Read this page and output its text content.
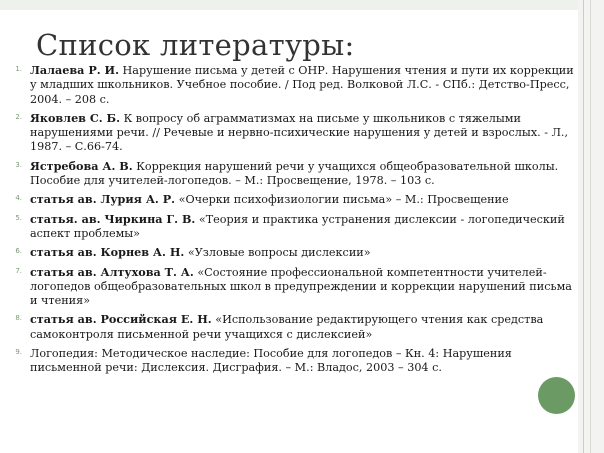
Список литературы:
1. Лалаева Р. И. Нарушение письма у детей с ОНР. Нарушения чтения и пути их коррекции у младших школьников. Учебное пособие. / Под ред. Волковой Л.С. - СПб.: Детство-Пресс, 2004. – 208 с.
2. Яковлев С. Б. К вопросу об аграмматизмах на письме у школьников с тяжелыми нарушениями речи. // Речевые и нервно-психические нарушения у детей и взрослых. - Л., 1987. – С.66-74.
3. Ястребова А. В. Коррекция нарушений речи у учащихся общеобразовательной школы. Пособие для учителей-логопедов. – М.: Просвещение, 1978. – 103 с.
4. статья ав. Лурия А. Р. «Очерки психофизиологии письма» – М.: Просвещение
5. статья. ав. Чиркина Г. В. «Теория и практика устранения дислексии - логопедический аспект проблемы»
6. статья ав. Корнев А. Н. «Узловые вопросы дислексии»
7. статья ав. Алтухова Т. А. «Состояние профессиональной компетентности учителей-логопедов общеобразовательных школ в предупреждении и коррекции нарушений письма и чтения»
8. статья ав. Российская Е. Н. «Использование редактирующего чтения как средства самоконтроля письменной речи учащихся с дислексией»
9. Логопедия: Методическое наследие: Пособие для логопедов – Кн. 4: Нарушения письменной речи: Дислексия. Дисграфия. – М.: Владос, 2003 – 304 с.
